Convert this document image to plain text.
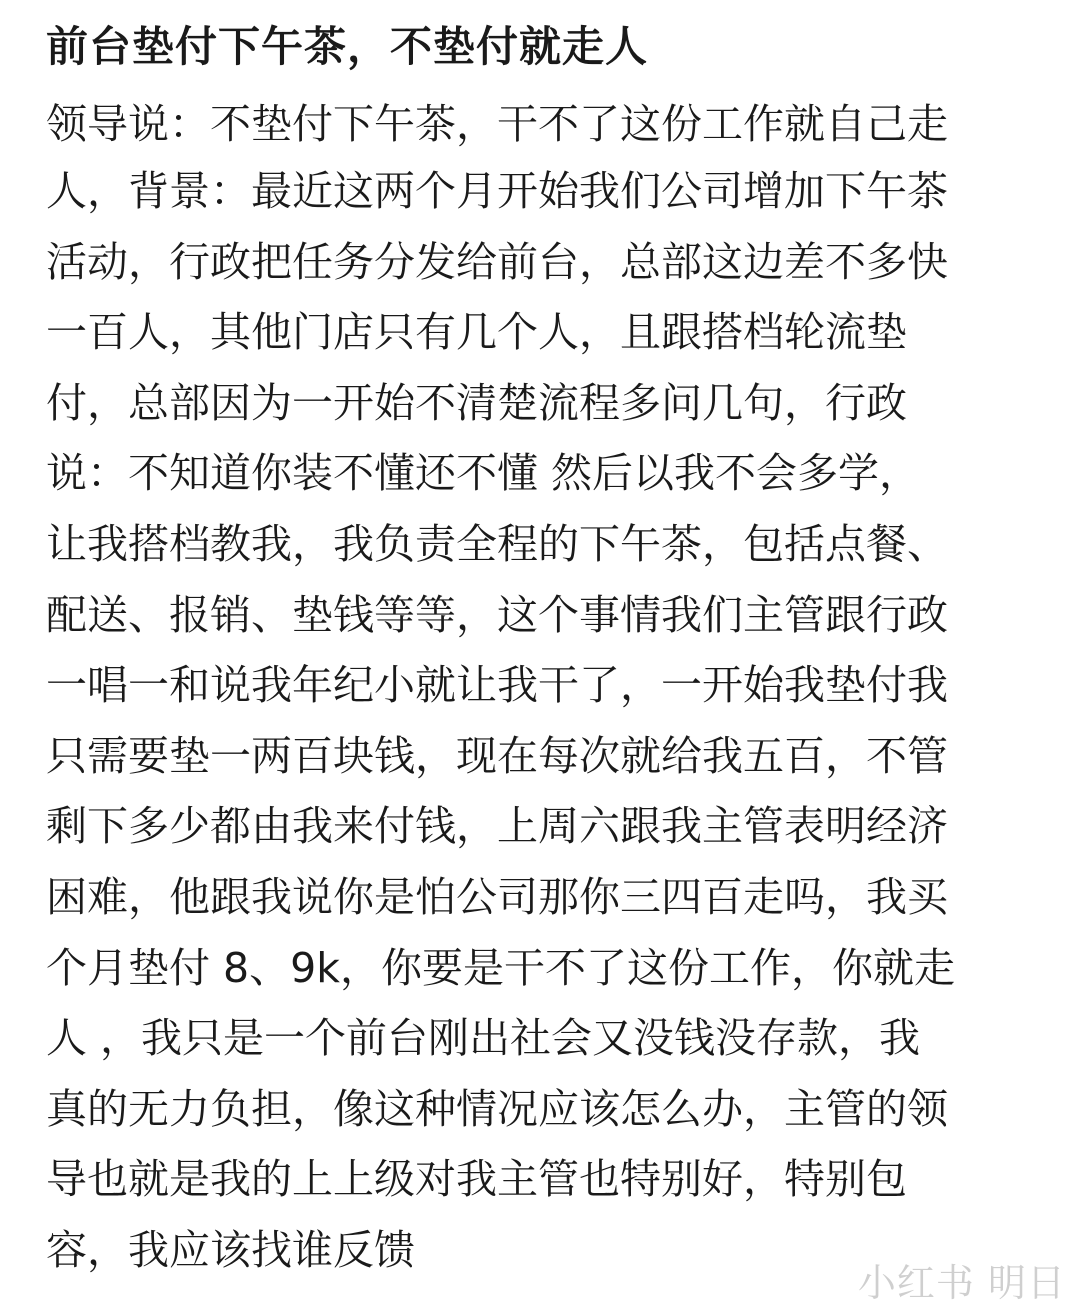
前台垫付下午茶，不垫付就走人
领导说：不垫付下午茶，干不了这份工作就自己走
人，背景：最近这两个月开始我们公司增加下午茶
活动，行政把任务分发给前台，总部这边差不多快
一百人，其他门店只有几个人，且跟搭档轮流垫
付，总部因为一开始不清楚流程多问几句，行政
说：不知道你装不懂还不懂 然后以我不会多学，
让我搭档教我，我负责全程的下午茶，包括点餐、
配送、报销、垫钱等等，这个事情我们主管跟行政
一唱一和说我年纪小就让我干了，一开始我垫付我
只需要垫一两百块钱，现在每次就给我五百，不管
剩下多少都由我来付钱，上周六跟我主管表明经济
困难，他跟我说你是怕公司那你三四百走吗，我买
个月垫付 8、9k，你要是干不了这份工作，你就走
人 ，我只是一个前台刚出社会又没钱没存款，我
真的无力负担，像这种情况应该怎么办，主管的领
导也就是我的上上级对我主管也特别好，特别包
容，我应该找谁反馈
小红书 明日
